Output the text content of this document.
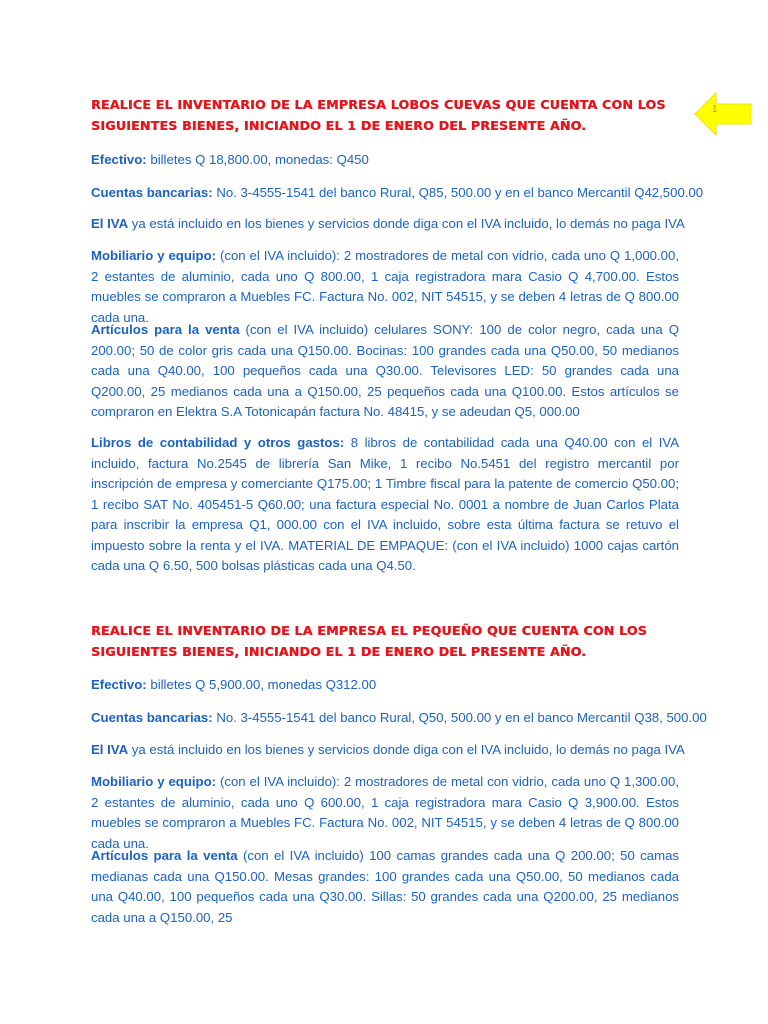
REALICE EL INVENTARIO DE LA EMPRESA LOBOS CUEVAS QUE CUENTA CON LOS SIGUIENTES BIENES, INICIANDO EL 1 DE ENERO DEL PRESENTE AÑO.

Efectivo: billetes Q 18,800.00, monedas: Q450

Cuentas bancarias: No. 3-4555-1541 del banco Rural, Q85, 500.00 y en el banco Mercantil Q42,500.00

El IVA ya está incluido en los bienes y servicios donde diga con el IVA incluido, lo demás no paga IVA

Mobiliario y equipo: (con el IVA incluido): 2 mostradores de metal con vidrio, cada uno Q 1,000.00, 2 estantes de aluminio, cada uno Q 800.00, 1 caja registradora mara Casio Q 4,700.00. Estos muebles se compraron a Muebles FC. Factura No. 002, NIT 54515, y se deben 4 letras de Q 800.00 cada una.

Artículos para la venta (con el IVA incluido) celulares SONY: 100 de color negro, cada una Q 200.00; 50 de color gris cada una Q150.00. Bocinas: 100 grandes cada una Q50.00, 50 medianos cada una Q40.00, 100 pequeños cada una Q30.00. Televisores LED: 50 grandes cada una Q200.00, 25 medianos cada una a Q150.00, 25 pequeños cada una Q100.00. Estos artículos se compraron en Elektra S.A Totonicapán factura No. 48415, y se adeudan Q5, 000.00

Libros de contabilidad y otros gastos: 8 libros de contabilidad cada una Q40.00 con el IVA incluido, factura No.2545 de librería San Mike, 1 recibo No.5451 del registro mercantil por inscripción de empresa y comerciante Q175.00; 1 Timbre fiscal para la patente de comercio Q50.00; 1 recibo SAT No. 405451-5 Q60.00; una factura especial No. 0001 a nombre de Juan Carlos Plata para inscribir la empresa Q1, 000.00 con el IVA incluido, sobre esta última factura se retuvo el impuesto sobre la renta y el IVA. MATERIAL DE EMPAQUE: (con el IVA incluido) 1000 cajas cartón cada una Q 6.50, 500 bolsas plásticas cada una Q4.50.

REALICE EL INVENTARIO DE LA EMPRESA EL PEQUEÑO QUE CUENTA CON LOS SIGUIENTES BIENES, INICIANDO EL 1 DE ENERO DEL PRESENTE AÑO.

Efectivo: billetes Q 5,900.00, monedas Q312.00

Cuentas bancarias: No. 3-4555-1541 del banco Rural, Q50, 500.00 y en el banco Mercantil Q38, 500.00

El IVA ya está incluido en los bienes y servicios donde diga con el IVA incluido, lo demás no paga IVA

Mobiliario y equipo: (con el IVA incluido): 2 mostradores de metal con vidrio, cada uno Q 1,300.00, 2 estantes de aluminio, cada uno Q 600.00, 1 caja registradora mara Casio Q 3,900.00. Estos muebles se compraron a Muebles FC. Factura No. 002, NIT 54515, y se deben 4 letras de Q 800.00 cada una.

Artículos para la venta (con el IVA incluido) 100 camas grandes cada una Q 200.00; 50 camas medianas cada una Q150.00. Mesas grandes: 100 grandes cada una Q50.00, 50 medianos cada una Q40.00, 100 pequeños cada una Q30.00. Sillas: 50 grandes cada una Q200.00, 25 medianos cada una a Q150.00, 25

1
